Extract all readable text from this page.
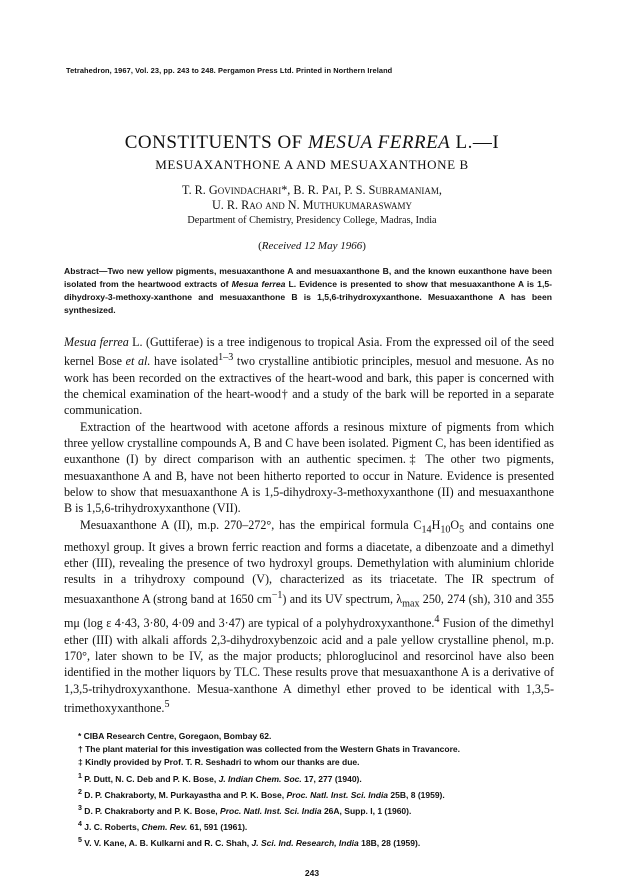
Tetrahedron, 1967, Vol. 23, pp. 243 to 248. Pergamon Press Ltd. Printed in Northern Ireland
CONSTITUENTS OF MESUA FERREA L.—I
MESUAXANTHONE A AND MESUAXANTHONE B
T. R. Govindachari*, B. R. Pai, P. S. Subramaniam,
U. R. Rao and N. Muthukumaraswamy
Department of Chemistry, Presidency College, Madras, India
(Received 12 May 1966)
Abstract—Two new yellow pigments, mesuaxanthone A and mesuaxanthone B, and the known euxanthone have been isolated from the heartwood extracts of Mesua ferrea L. Evidence is presented to show that mesuaxanthone A is 1,5-dihydroxy-3-methoxy-xanthone and mesuaxanthone B is 1,5,6-trihydroxyxanthone. Mesuaxanthone A has been synthesized.

Mesua ferrea L. (Guttiferae) is a tree indigenous to tropical Asia. From the expressed oil of the seed kernel Bose et al. have isolated$^{1-3}$ two crystalline antibiotic principles, mesuol and mesuone. As no work has been recorded on the extractives of the heart-wood and bark, this paper is concerned with the chemical examination of the heart-wood† and a study of the bark will be reported in a separate communication.

Extraction of the heartwood with acetone affords a resinous mixture of pigments from which three yellow crystalline compounds A, B and C have been isolated. Pigment C, has been identified as euxanthone (I) by direct comparison with an authentic specimen.‡ The other two pigments, mesuaxanthone A and B, have not been hitherto reported to occur in Nature. Evidence is presented below to show that mesuaxanthone A is 1,5-dihydroxy-3-methoxyxanthone (II) and mesuaxanthone B is 1,5,6-trihydroxyxanthone (VII).

Mesuaxanthone A (II), m.p. 270–272°, has the empirical formula $C_{14}H_{10}O_5$ and contains one methoxyl group. It gives a brown ferric reaction and forms a diacetate, a dibenzoate and a dimethyl ether (III), revealing the presence of two hydroxyl groups. Demethylation with aluminium chloride results in a trihydroxy compound (V), characterized as its triacetate. The IR spectrum of mesuaxanthone A (strong band at 1650 $cm^{-1}$) and its UV spectrum, $\lambda_{max}$ 250, 274 (sh), 310 and 355 mμ (log ε 4·43, 3·80, 4·09 and 3·47) are typical of a polyhydroxyxanthone.$^4$ Fusion of the dimethyl ether (III) with alkali affords 2,3-dihydroxybenzoic acid and a pale yellow crystalline phenol, m.p. 170°, later shown to be IV, as the major products; phloroglucinol and resorcinol have also been identified in the mother liquors by TLC. These results prove that mesuaxanthone A is a derivative of 1,3,5-trihydroxyxanthone. Mesua-xanthone A dimethyl ether proved to be identical with 1,3,5-trimethoxyxanthone.$^5$

* CIBA Research Centre, Goregaon, Bombay 62.
† The plant material for this investigation was collected from the Western Ghats in Travancore.
‡ Kindly provided by Prof. T. R. Seshadri to whom our thanks are due.
$^1$ P. Dutt, N. C. Deb and P. K. Bose, J. Indian Chem. Soc. 17, 277 (1940).
$^2$ D. P. Chakraborty, M. Purkayastha and P. K. Bose, Proc. Natl. Inst. Sci. India 25B, 8 (1959).
$^3$ D. P. Chakraborty and P. K. Bose, Proc. Natl. Inst. Sci. India 26A, Supp. I, 1 (1960).
$^4$ J. C. Roberts, Chem. Rev. 61, 591 (1961).
$^5$ V. V. Kane, A. B. Kulkarni and R. C. Shah, J. Sci. Ind. Research, India 18B, 28 (1959).
243
